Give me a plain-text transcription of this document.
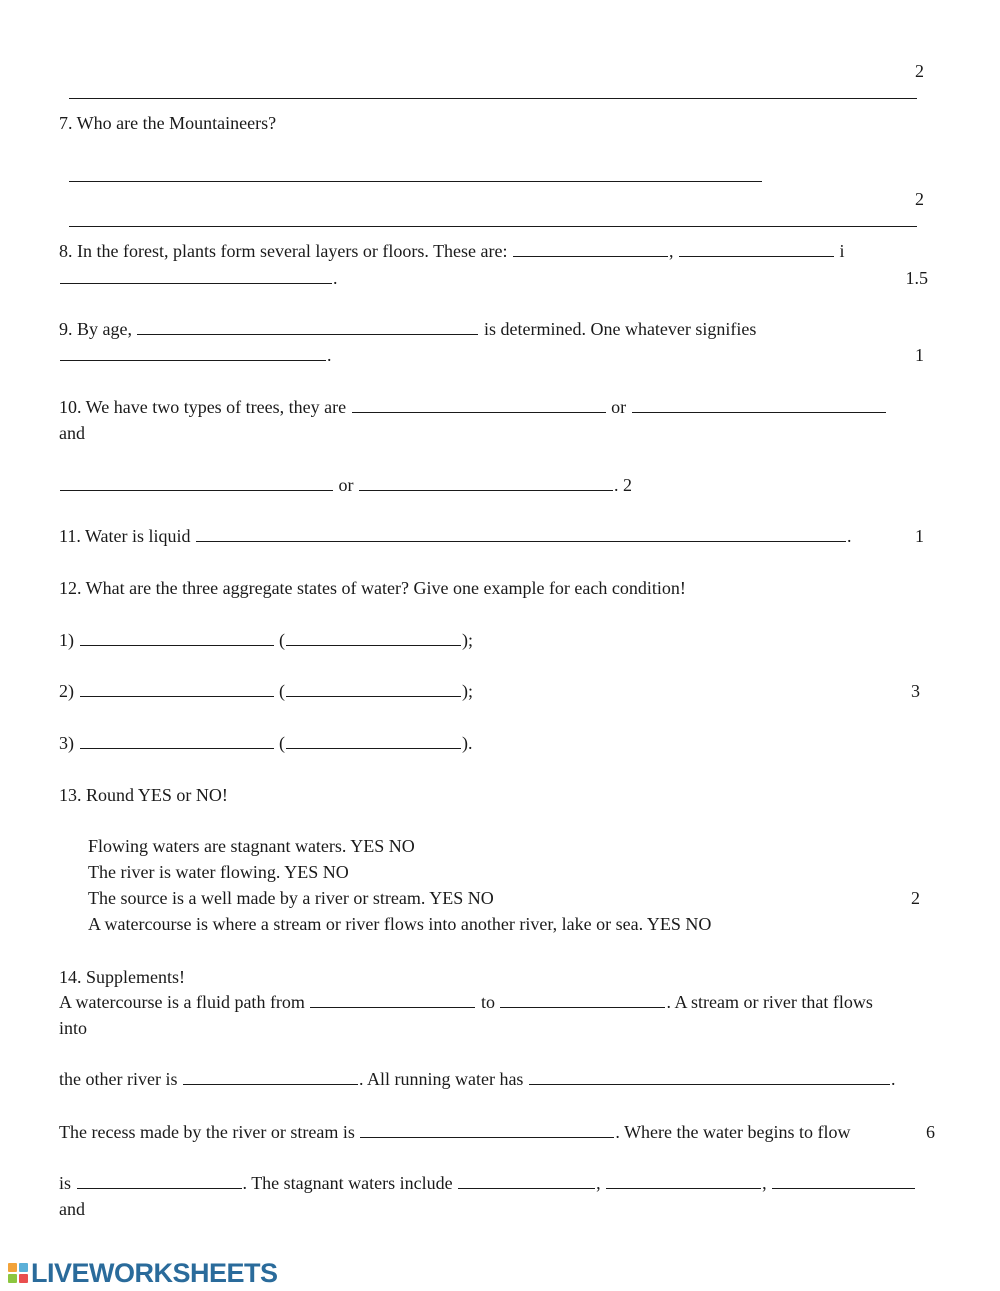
2
7. Who are the Mountaineers?

2
8. In the forest, plants form several layers or floors. These are:	,	i
.	1.5
9. By age,	is determined. One whatever signifies
.	1
10. We have two types of trees, they are	or
and
or	. 2
11. Water is liquid	.	1
12. What are the three aggregate states of water? Give one example for each condition!
1)	(	);
2)	(	);	3
3)	(	).
13. Round YES or NO!
Flowing waters are stagnant waters. YES NO
The river is water flowing. YES NO
The source is a well made by a river or stream. YES NO	2
A watercourse is where a stream or river flows into another river, lake or sea. YES NO
14. Supplements!
A watercourse is a fluid path from	to	. A stream or river that flows
into
the other river is	. All running water has	.
The recess made by the river or stream is	. Where the water begins to flow	6
is	. The stagnant waters include	,	,
and
LIVEWORKSHEETS
